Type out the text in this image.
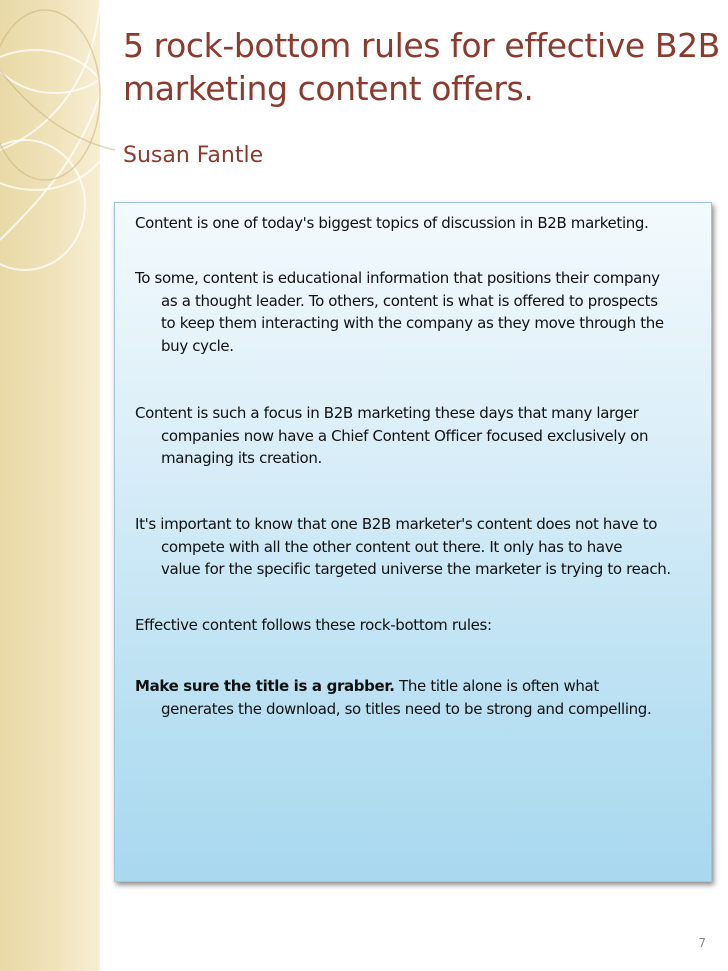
5 rock-bottom rules for effective B2B
marketing content offers.
Susan Fantle
Content is one of today's biggest topics of discussion in B2B marketing.
To some, content is educational information that positions their company
as a thought leader. To others, content is what is offered to prospects
to keep them interacting with the company as they move through the
buy cycle.
Content is such a focus in B2B marketing these days that many larger
companies now have a Chief Content Officer focused exclusively on
managing its creation.
It's important to know that one B2B marketer's content does not have to
compete with all the other content out there. It only has to have
value for the specific targeted universe the marketer is trying to reach.
Effective content follows these rock-bottom rules:
Make sure the title is a grabber. The title alone is often what
generates the download, so titles need to be strong and compelling.
7
